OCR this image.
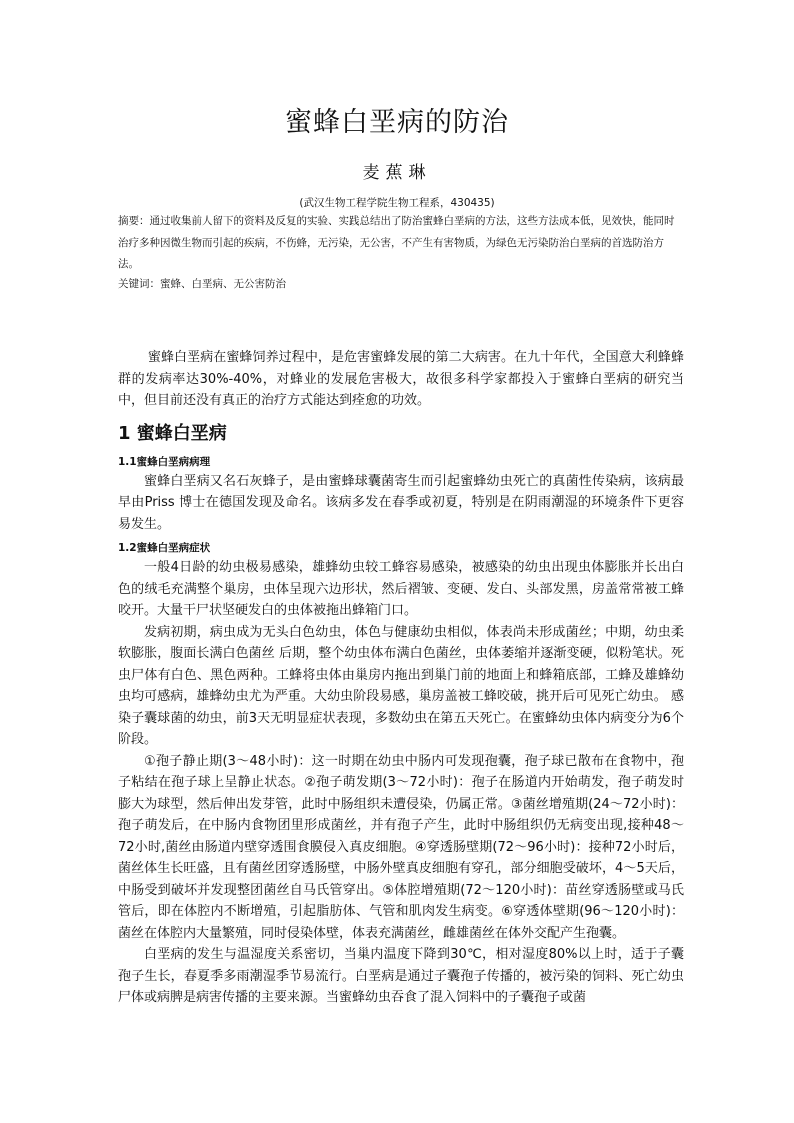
蜜蜂白垩病的防治
麦蕉琳
(武汉生物工程学院生物工程系，430435)
摘要：通过收集前人留下的资料及反复的实验、实践总结出了防治蜜蜂白垩病的方法，这些方法成本低，见效快，能同时治疗多种因微生物而引起的疾病，不伤蜂，无污染，无公害，不产生有害物质，为绿色无污染防治白垩病的首选防治方法。
关键词：蜜蜂、白垩病、无公害防治

蜜蜂白垩病在蜜蜂饲养过程中，是危害蜜蜂发展的第二大病害。在九十年代，全国意大利蜂蜂群的发病率达30%-40%，对蜂业的发展危害极大，故很多科学家都投入于蜜蜂白垩病的研究当中，但目前还没有真正的治疗方式能达到痊愈的功效。

1 蜜蜂白垩病
1.1蜜蜂白垩病病理

蜜蜂白垩病又名石灰蜂子，是由蜜蜂球囊菌寄生而引起蜜蜂幼虫死亡的真菌性传染病，该病最早由Priss 博士在德国发现及命名。该病多发在春季或初夏，特别是在阴雨潮湿的环境条件下更容易发生。

1.2蜜蜂白垩病症状

一般4日龄的幼虫极易感染，雄蜂幼虫较工蜂容易感染，被感染的幼虫出现虫体膨胀并长出白色的绒毛充满整个巢房，虫体呈现六边形状，然后褶皱、变硬、发白、头部发黑，房盖常常被工蜂咬开。大量干尸状坚硬发白的虫体被拖出蜂箱门口。

发病初期，病虫成为无头白色幼虫，体色与健康幼虫相似，体表尚未形成菌丝；中期，幼虫柔软膨胀，腹面长满白色菌丝 后期，整个幼虫体布满白色菌丝，虫体萎缩并逐渐变硬，似粉笔状。死虫尸体有白色、黑色两种。工蜂将虫体由巢房内拖出到巢门前的地面上和蜂箱底部，工蜂及雄蜂幼虫均可感病，雄蜂幼虫尤为严重。大幼虫阶段易感，巢房盖被工蜂咬破，挑开后可见死亡幼虫。 感染子囊球菌的幼虫，前3天无明显症状表现，多数幼虫在第五天死亡。在蜜蜂幼虫体内病变分为6个阶段。

①孢子静止期(3～48小时)：这一时期在幼虫中肠内可发现孢囊，孢子球已散布在食物中，孢子粘结在孢子球上呈静止状态。②孢子萌发期(3～72小时)：孢子在肠道内开始萌发，孢子萌发时膨大为球型，然后伸出发芽管，此时中肠组织未遭侵染，仍属正常。③菌丝增殖期(24～72小时)：孢子萌发后，在中肠内食物团里形成菌丝，并有孢子产生，此时中肠组织仍无病变出现,接种48～72小时,菌丝由肠道内壁穿透围食膜侵入真皮细胞。④穿透肠壁期(72～96小时)：接种72小时后，菌丝体生长旺盛，且有菌丝团穿透肠壁，中肠外壁真皮细胞有穿孔，部分细胞受破坏，4～5天后，中肠受到破坏并发现整团菌丝自马氏管穿出。⑤体腔增殖期(72～120小时)：苗丝穿透肠壁或马氏管后，即在体腔内不断增殖，引起脂肪体、气管和肌肉发生病变。⑥穿透体壁期(96～120小时)： 菌丝在体腔内大量繁殖，同时侵染体壁，体表充满菌丝，雌雄菌丝在体外交配产生孢囊。

白垩病的发生与温湿度关系密切，当巢内温度下降到30℃，相对湿度80%以上时，适于子囊孢子生长，春夏季多雨潮湿季节易流行。白垩病是通过子囊孢子传播的，被污染的饲料、死亡幼虫尸体或病脾是病害传播的主要来源。当蜜蜂幼虫吞食了混入饲料中的子囊孢子或菌
